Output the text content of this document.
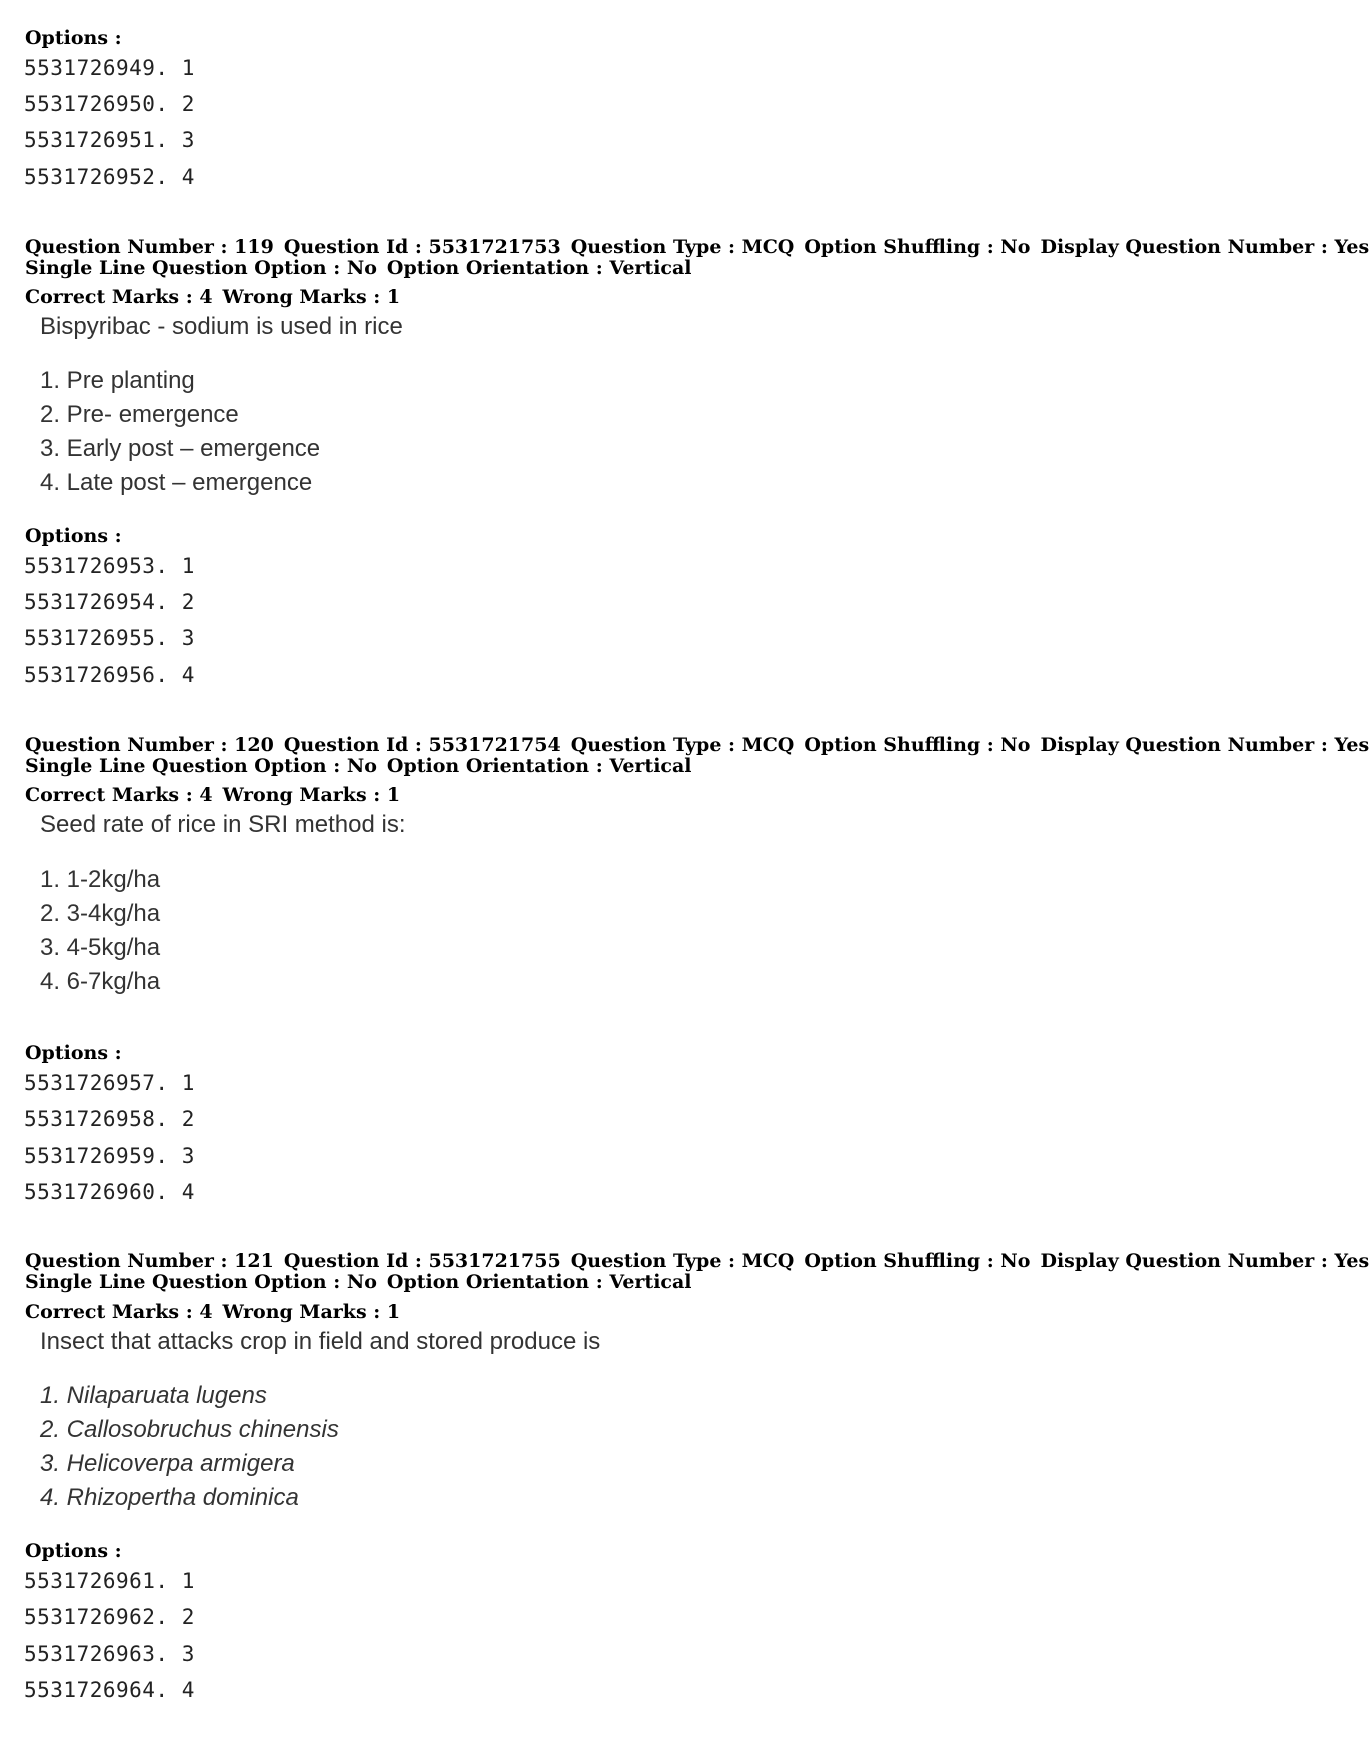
Options :
5531726949. 1
5531726950. 2
5531726951. 3
5531726952. 4
Question Number : 119 Question Id : 5531721753 Question Type : MCQ Option Shuffling : No Display Question Number : Yes
Single Line Question Option : No Option Orientation : Vertical
Correct Marks : 4 Wrong Marks : 1
Bispyribac - sodium is used in rice
1. Pre planting
2. Pre- emergence
3. Early post – emergence
4. Late post – emergence
Options :
5531726953. 1
5531726954. 2
5531726955. 3
5531726956. 4
Question Number : 120 Question Id : 5531721754 Question Type : MCQ Option Shuffling : No Display Question Number : Yes
Single Line Question Option : No Option Orientation : Vertical
Correct Marks : 4 Wrong Marks : 1
Seed rate of rice in SRI method is:
1. 1-2kg/ha
2. 3-4kg/ha
3. 4-5kg/ha
4. 6-7kg/ha
Options :
5531726957. 1
5531726958. 2
5531726959. 3
5531726960. 4
Question Number : 121 Question Id : 5531721755 Question Type : MCQ Option Shuffling : No Display Question Number : Yes
Single Line Question Option : No Option Orientation : Vertical
Correct Marks : 4 Wrong Marks : 1
Insect that attacks crop in field and stored produce is
1. Nilaparuata lugens
2. Callosobruchus chinensis
3. Helicoverpa armigera
4. Rhizopertha dominica
Options :
5531726961. 1
5531726962. 2
5531726963. 3
5531726964. 4
